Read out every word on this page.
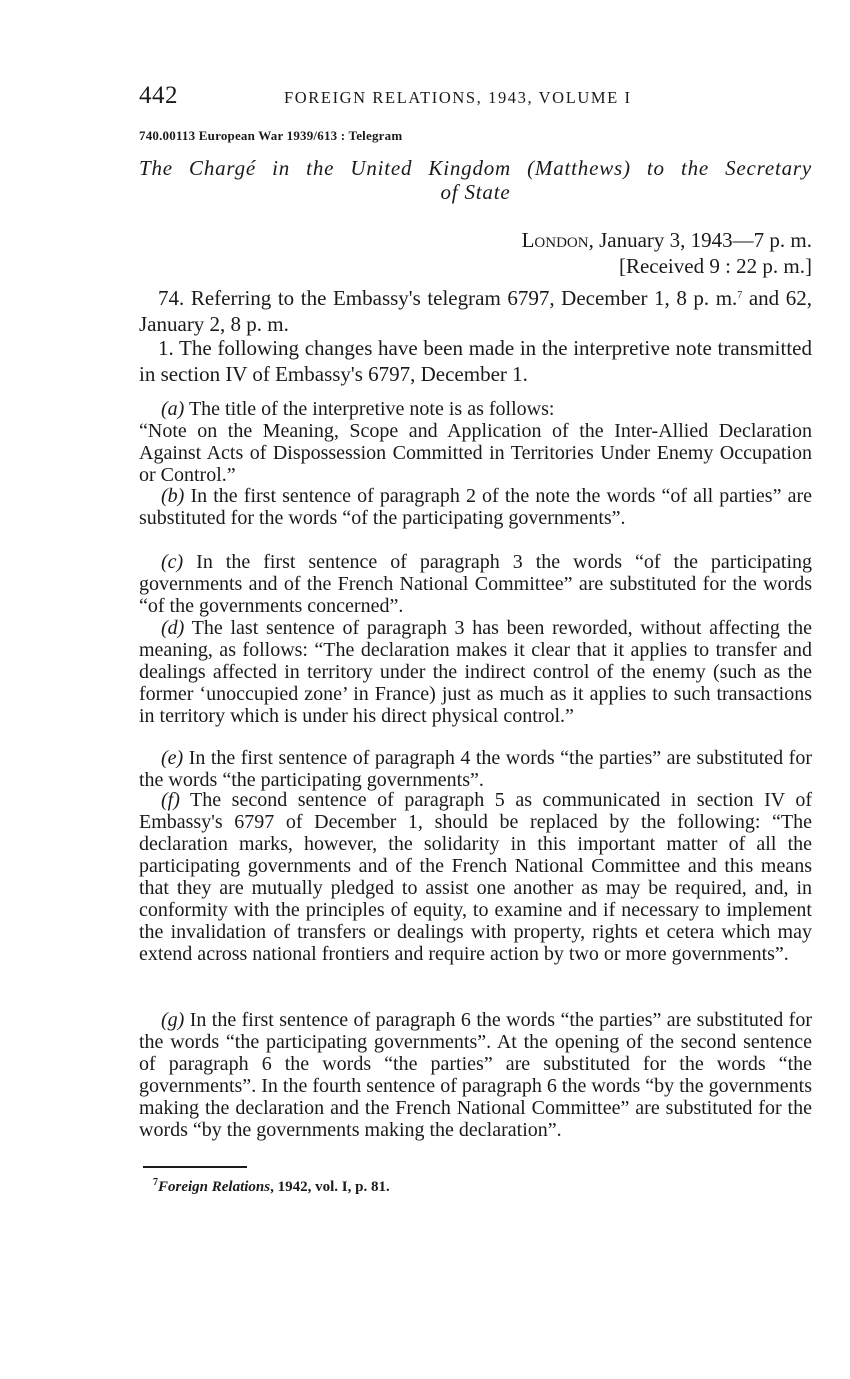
442	FOREIGN RELATIONS, 1943, VOLUME I
740.00113 European War 1939/613 : Telegram
The Chargé in the United Kingdom (Matthews) to the Secretary
of State
London, January 3, 1943—7 p. m.
[Received 9 : 22 p. m.]
74. Referring to the Embassy's telegram 6797, December 1, 8 p. m.$^7$ and 62, January 2, 8 p. m.
1. The following changes have been made in the interpretive note transmitted in section IV of Embassy's 6797, December 1.
(a) The title of the interpretive note is as follows:
“Note on the Meaning, Scope and Application of the Inter-Allied Declaration Against Acts of Dispossession Committed in Territories Under Enemy Occupation or Control.”
(b) In the first sentence of paragraph 2 of the note the words “of all parties” are substituted for the words “of the participating governments”.
(c) In the first sentence of paragraph 3 the words “of the participating governments and of the French National Committee” are substituted for the words “of the governments concerned”.
(d) The last sentence of paragraph 3 has been reworded, without affecting the meaning, as follows: “The declaration makes it clear that it applies to transfer and dealings affected in territory under the indirect control of the enemy (such as the former ‘unoccupied zone’ in France) just as much as it applies to such transactions in territory which is under his direct physical control.”
(e) In the first sentence of paragraph 4 the words “the parties” are substituted for the words “the participating governments”.
(f) The second sentence of paragraph 5 as communicated in section IV of Embassy's 6797 of December 1, should be replaced by the following: “The declaration marks, however, the solidarity in this important matter of all the participating governments and of the French National Committee and this means that they are mutually pledged to assist one another as may be required, and, in conformity with the principles of equity, to examine and if necessary to implement the invalidation of transfers or dealings with property, rights et cetera which may extend across national frontiers and require action by two or more governments”.
(g) In the first sentence of paragraph 6 the words “the parties” are substituted for the words “the participating governments”. At the opening of the second sentence of paragraph 6 the words “the parties” are substituted for the words “the governments”. In the fourth sentence of paragraph 6 the words “by the governments making the declaration and the French National Committee” are substituted for the words “by the governments making the declaration”.
$^7$Foreign Relations, 1942, vol. I, p. 81.
